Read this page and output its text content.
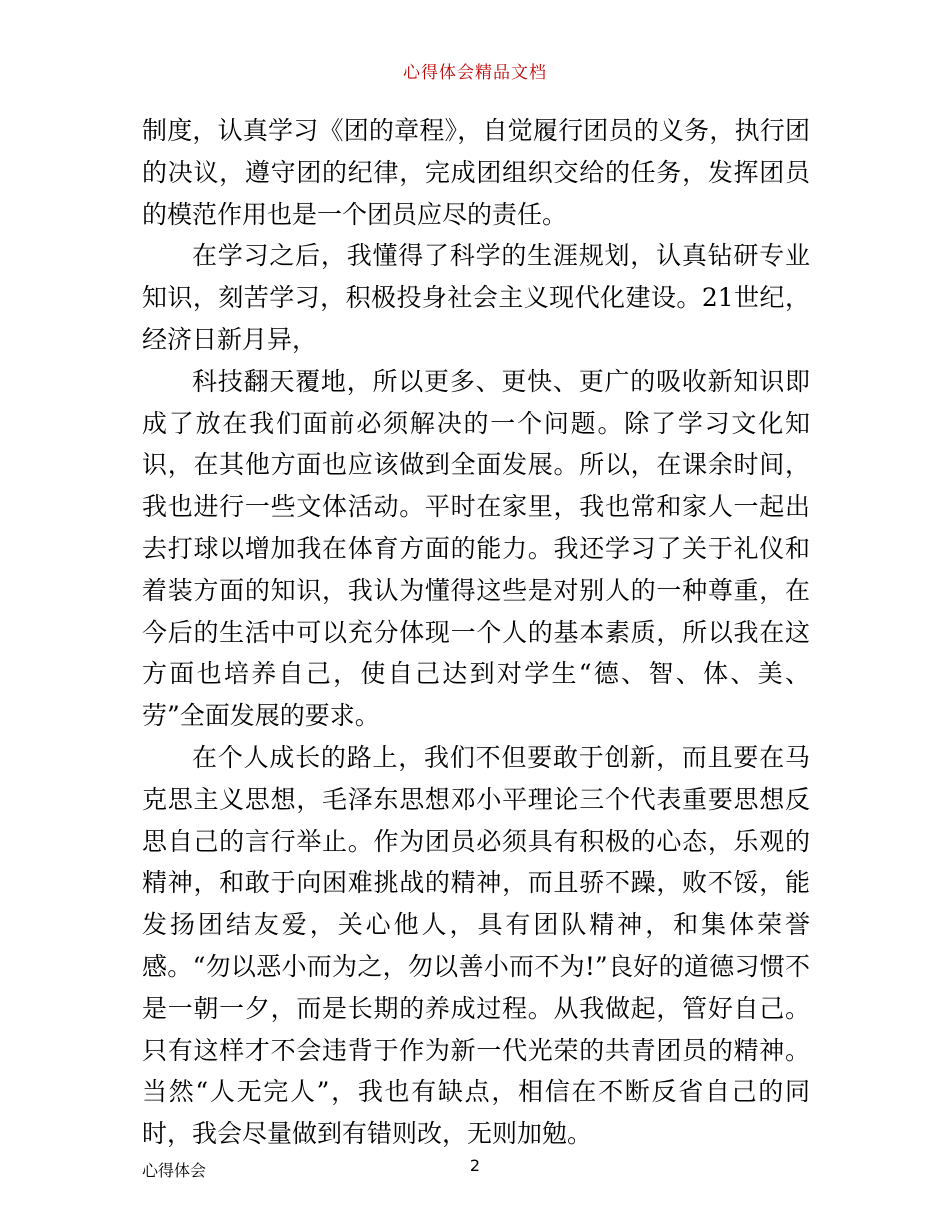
心得体会精品文档

制度，认真学习《团的章程》，自觉履行团员的义务，执行团的决议，遵守团的纪律，完成团组织交给的任务，发挥团员的模范作用也是一个团员应尽的责任。

在学习之后，我懂得了科学的生涯规划，认真钻研专业知识，刻苦学习，积极投身社会主义现代化建设。21世纪，经济日新月异，

科技翻天覆地，所以更多、更快、更广的吸收新知识即成了放在我们面前必须解决的一个问题。除了学习文化知识，在其他方面也应该做到全面发展。所以，在课余时间，我也进行一些文体活动。平时在家里，我也常和家人一起出去打球以增加我在体育方面的能力。我还学习了关于礼仪和着装方面的知识，我认为懂得这些是对别人的一种尊重，在今后的生活中可以充分体现一个人的基本素质，所以我在这方面也培养自己，使自己达到对学生“德、智、体、美、劳”全面发展的要求。

在个人成长的路上，我们不但要敢于创新，而且要在马克思主义思想，毛泽东思想邓小平理论三个代表重要思想反思自己的言行举止。作为团员必须具有积极的心态，乐观的精神，和敢于向困难挑战的精神，而且骄不躁，败不馁，能发扬团结友爱，关心他人，具有团队精神，和集体荣誉感。“勿以恶小而为之，勿以善小而不为!”良好的道德习惯不是一朝一夕，而是长期的养成过程。从我做起，管好自己。只有这样才不会违背于作为新一代光荣的共青团员的精神。 当然“人无完人”，我也有缺点，相信在不断反省自己的同时，我会尽量做到有错则改，无则加勉。

心得体会	2
